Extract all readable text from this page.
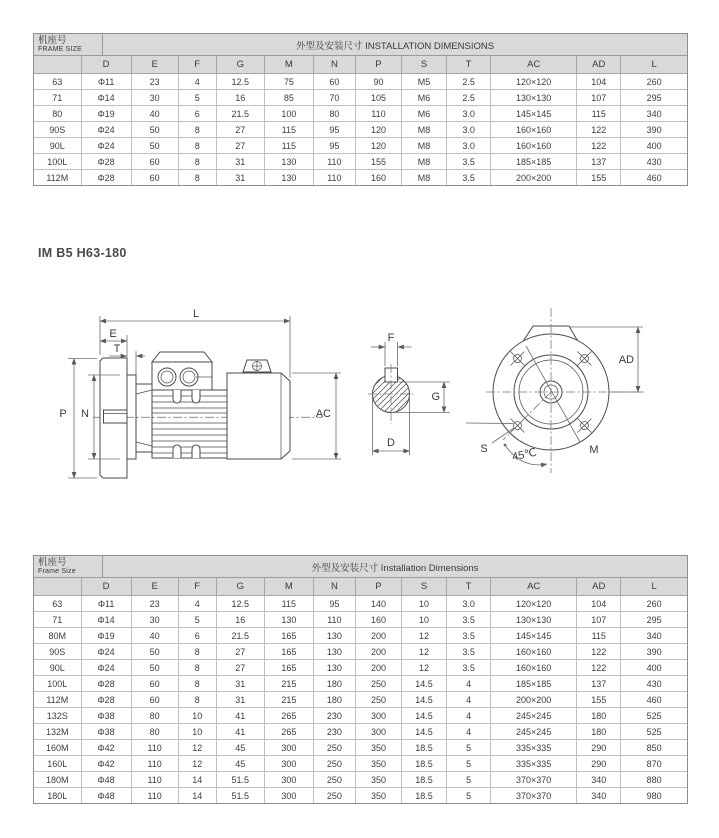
机座号
FRAME SIZE	外型及安装尺寸 INSTALLATION DIMENSIONS
	D	E	F	G	M	N	P	S	T	AC	AD	L
63	Φ11	23	4	12.5	75	60	90	M5	2.5	120×120	104	260
71	Φ14	30	5	16	85	70	105	M6	2.5	130×130	107	295
80	Φ19	40	6	21.5	100	80	110	M6	3.0	145×145	115	340
90S	Φ24	50	8	27	115	95	120	M8	3.0	160×160	122	390
90L	Φ24	50	8	27	115	95	120	M8	3.0	160×160	122	400
100L	Φ28	60	8	31	130	110	155	M8	3.5	185×185	137	430
112M	Φ28	60	8	31	130	110	160	M8	3.5	200×200	155	460
IM B5 H63-180
L
E
T
P N	AC
F
G
D
AD
S	M
45℃
机座号
Frame Size	外型及安装尺寸 Installation Dimensions
	D	E	F	G	M	N	P	S	T	AC	AD	L
63	Φ11	23	4	12.5	115	95	140	10	3.0	120×120	104	260
71	Φ14	30	5	16	130	110	160	10	3.5	130×130	107	295
80M	Φ19	40	6	21.5	165	130	200	12	3.5	145×145	115	340
90S	Φ24	50	8	27	165	130	200	12	3.5	160×160	122	390
90L	Φ24	50	8	27	165	130	200	12	3.5	160×160	122	400
100L	Φ28	60	8	31	215	180	250	14.5	4	185×185	137	430
112M	Φ28	60	8	31	215	180	250	14.5	4	200×200	155	460
132S	Φ38	80	10	41	265	230	300	14.5	4	245×245	180	525
132M	Φ38	80	10	41	265	230	300	14.5	4	245×245	180	525
160M	Φ42	110	12	45	300	250	350	18.5	5	335×335	290	850
160L	Φ42	110	12	45	300	250	350	18.5	5	335×335	290	870
180M	Φ48	110	14	51.5	300	250	350	18.5	5	370×370	340	880
180L	Φ48	110	14	51.5	300	250	350	18.5	5	370×370	340	980
